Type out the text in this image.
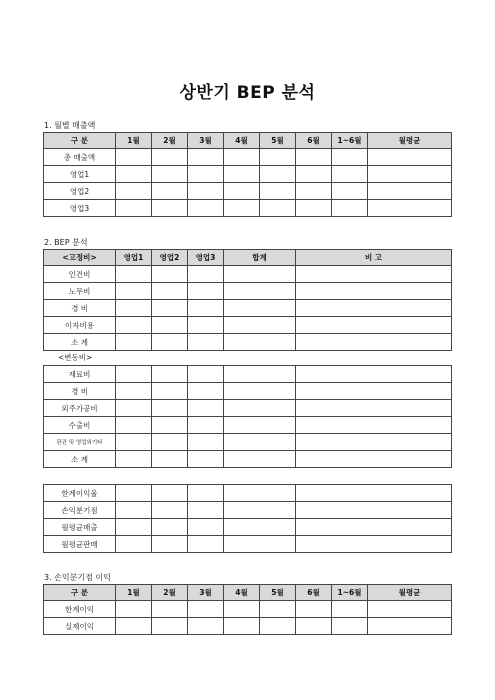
상반기 BEP 분석
1. 월별 매출액
구 분	1월	2월	3월	4월	5월	6월	1~6월	월평균
총 매출액								
영업1								
영업2								
영업3								
2. BEP 분석
<고정비>	영업1	영업2	영업3	합계	비 고
인건비					
노무비					
경 비					
이자비용					
소 계					
<변동비>
재료비					
경 비					
외주가공비					
수출비					
판관 및 영업외기타					
소 계					
한계이익율					
손익분기점					
월평균매출					
월평균판매					
3. 손익분기점 이익
구 분	1월	2월	3월	4월	5월	6월	1~6월	월평균
한계이익								
실제이익								
